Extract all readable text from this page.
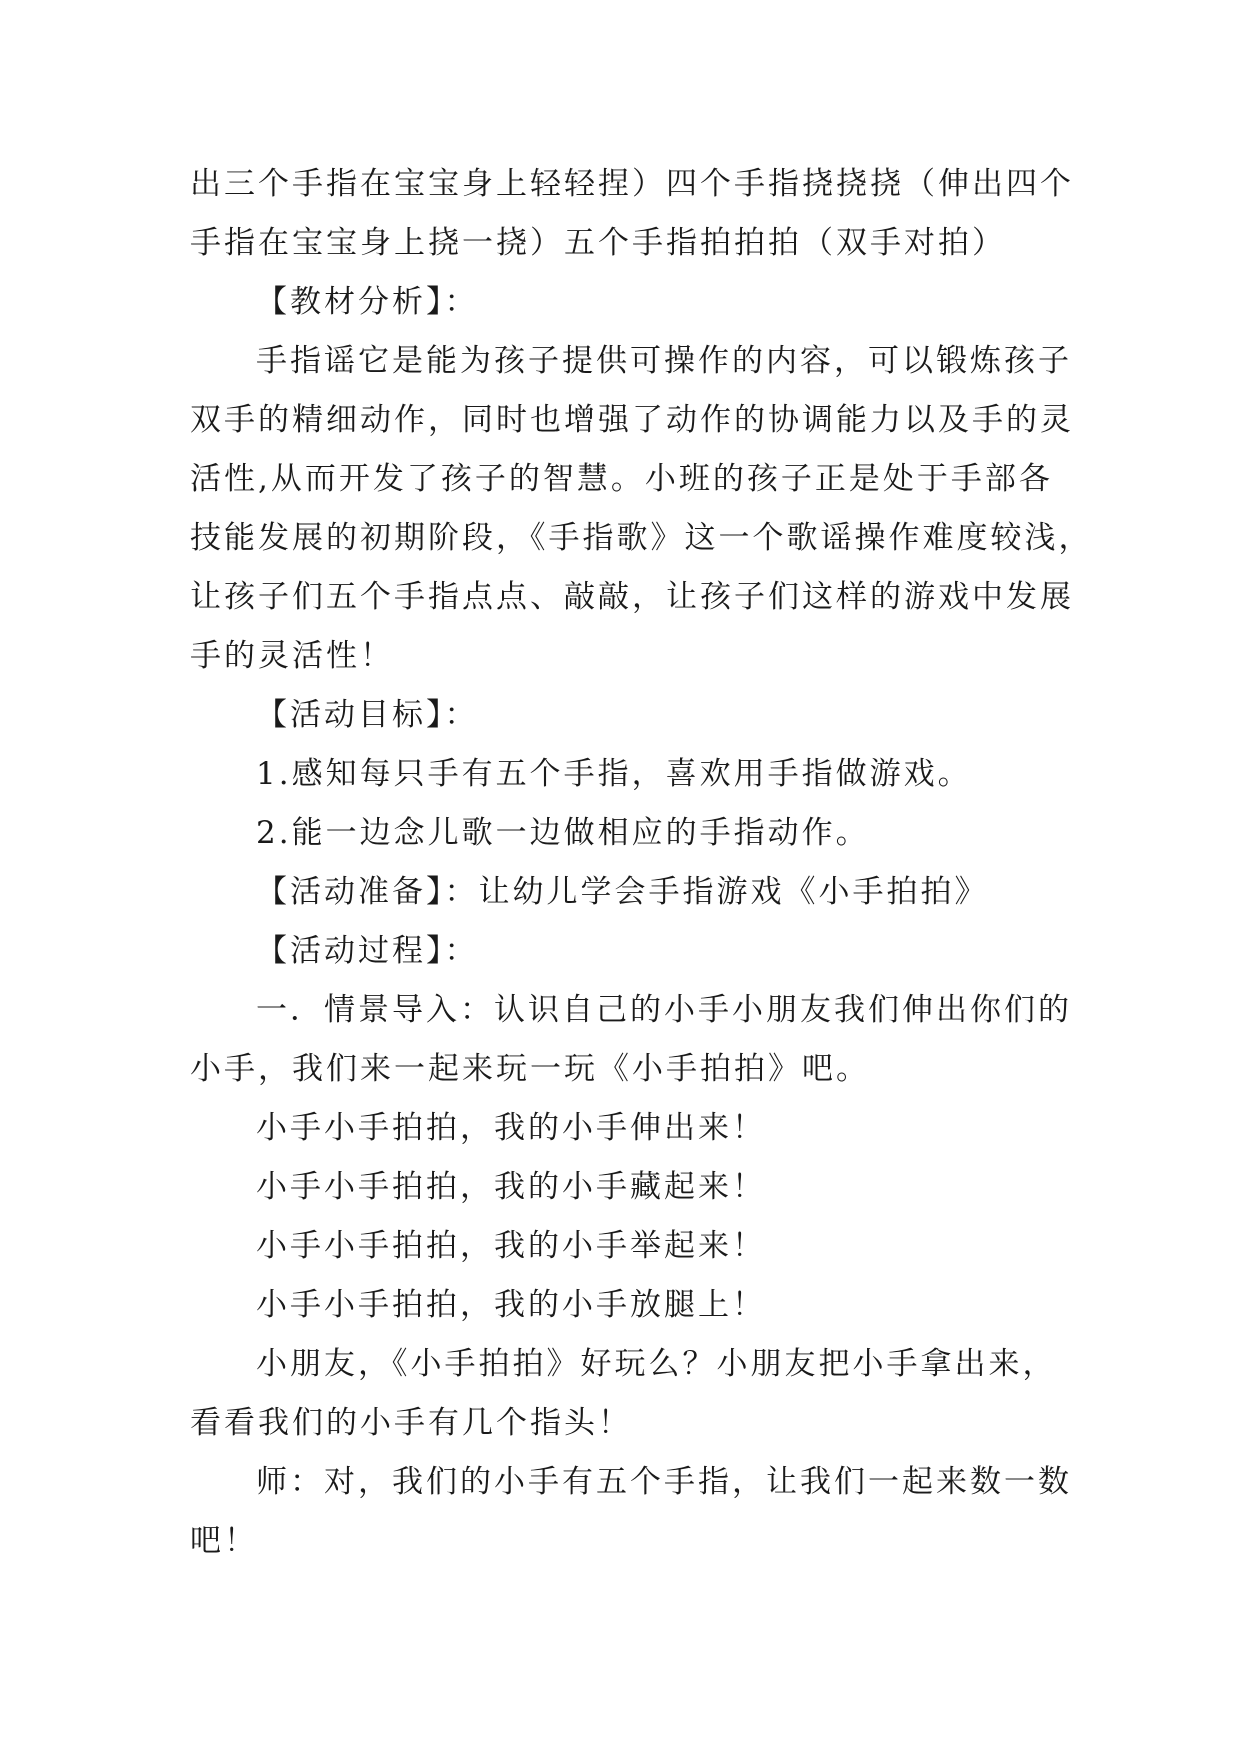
出三个手指在宝宝身上轻轻捏）四个手指挠挠挠（伸出四个
手指在宝宝身上挠一挠）五个手指拍拍拍（双手对拍）

【教材分析】：

手指谣它是能为孩子提供可操作的内容，可以锻炼孩子
双手的精细动作，同时也增强了动作的协调能力以及手的灵
活性,从而开发了孩子的智慧。小班的孩子正是处于手部各
技能发展的初期阶段，《手指歌》这一个歌谣操作难度较浅，
让孩子们五个手指点点、敲敲，让孩子们这样的游戏中发展
手的灵活性！

【活动目标】：

1.感知每只手有五个手指，喜欢用手指做游戏。

2.能一边念儿歌一边做相应的手指动作。

【活动准备】：让幼儿学会手指游戏《小手拍拍》

【活动过程】：

一．情景导入：认识自己的小手小朋友我们伸出你们的
小手，我们来一起来玩一玩《小手拍拍》吧。

小手小手拍拍，我的小手伸出来！

小手小手拍拍，我的小手藏起来！

小手小手拍拍，我的小手举起来！

小手小手拍拍，我的小手放腿上！

小朋友，《小手拍拍》好玩么？小朋友把小手拿出来，
看看我们的小手有几个指头！

师：对，我们的小手有五个手指，让我们一起来数一数
吧！
